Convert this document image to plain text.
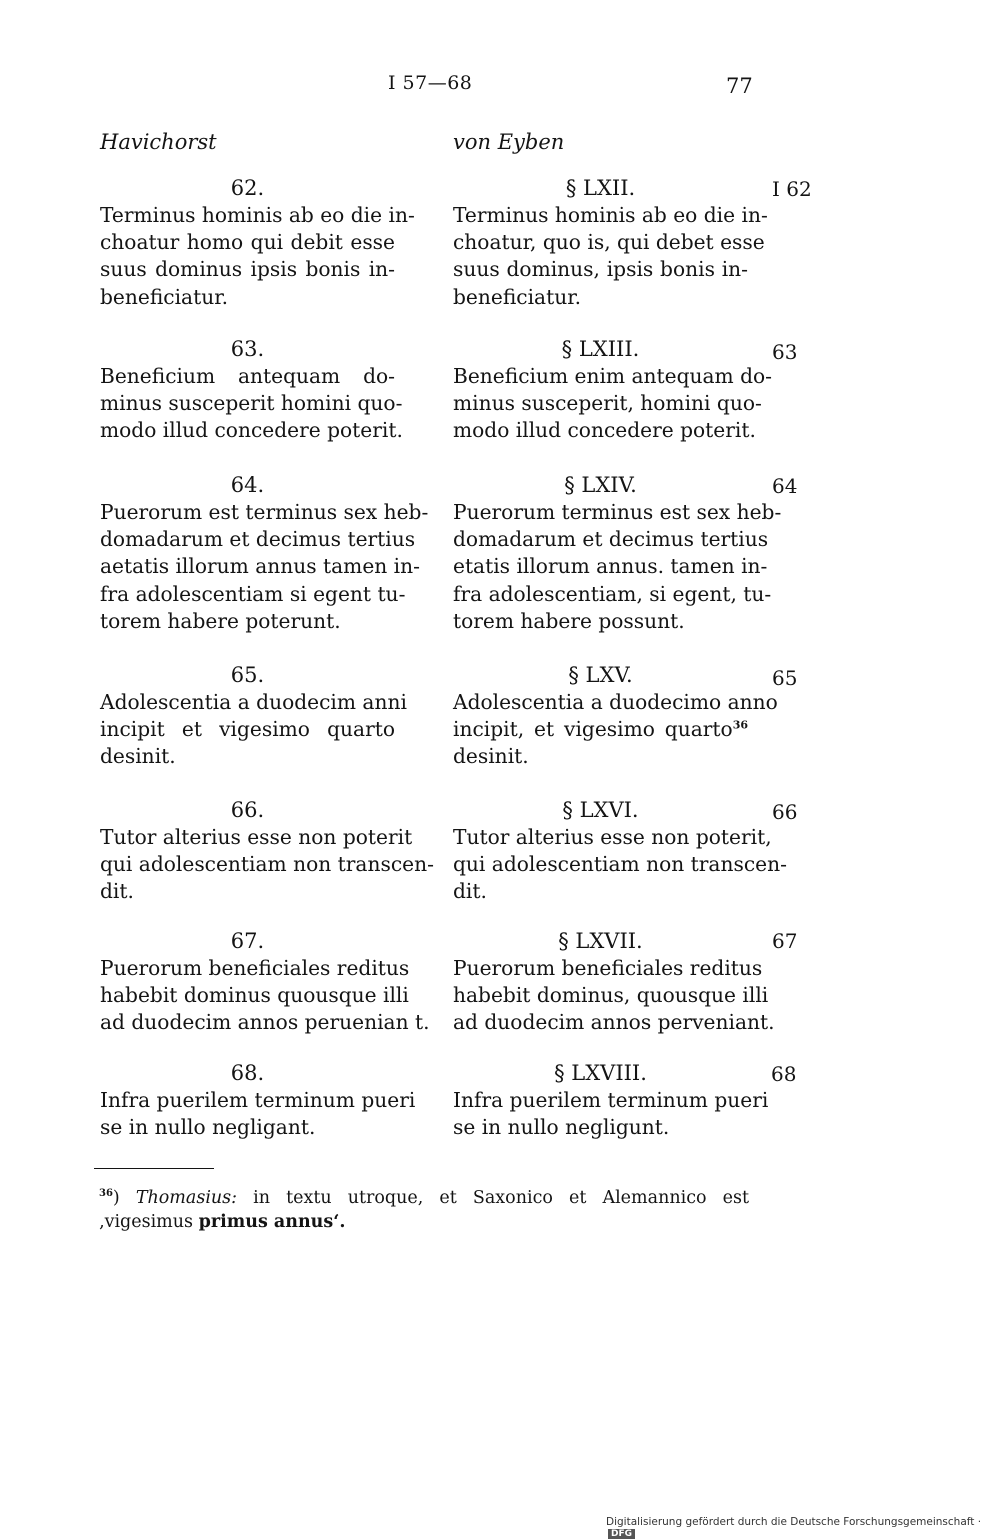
I 57—68	77
Havichorst	von Eyben
62.
Terminus hominis ab eo die in-
choatur homo qui debit esse
suus dominus ipsis bonis in-
beneficiatur.
63.
Beneficium antequam do-
minus susceperit homini quo-
modo illud concedere poterit.
64.
Puerorum est terminus sex heb-
domadarum et decimus tertius
aetatis illorum annus tamen in-
fra adolescentiam si egent tu-
torem habere poterunt.
65.
Adolescentia a duodecim anni
incipit et vigesimo quarto
desinit.
66.
Tutor alterius esse non poterit
qui adolescentiam non transcen-
dit.
67.
Puerorum beneficiales reditus
habebit dominus quousque illi
ad duodecim annos peruenian t.
68.
Infra puerilem terminum pueri
se in nullo negligant.
§ LXII.
Terminus hominis ab eo die in-
choatur, quo is, qui debet esse
suus dominus, ipsis bonis in-
beneficiatur.
I 62
§ LXIII.
Beneficium enim antequam do-
minus susceperit, homini quo-
modo illud concedere poterit.
63
§ LXIV.
Puerorum terminus est sex heb-
domadarum et decimus tertius
etatis illorum annus. tamen in-
fra adolescentiam, si egent, tu-
torem habere possunt.
64
§ LXV.
Adolescentia a duodecimo anno
incipit, et vigesimo quarto$^{36}$
desinit.
65
§ LXVI.
Tutor alterius esse non poterit,
qui adolescentiam non transcen-
dit.
66
§ LXVII.
Puerorum beneficiales reditus
habebit dominus, quousque illi
ad duodecim annos perveniant.
67
§ LXVIII.
Infra puerilem terminum pueri
se in nullo negligunt.
68
$^{36}$) Thomasius: in textu utroque, et Saxonico et Alemannico est ‚vigesimus primus annus‘.
Digitalisierung gefördert durch die Deutsche Forschungsgemeinschaft ·DFG
